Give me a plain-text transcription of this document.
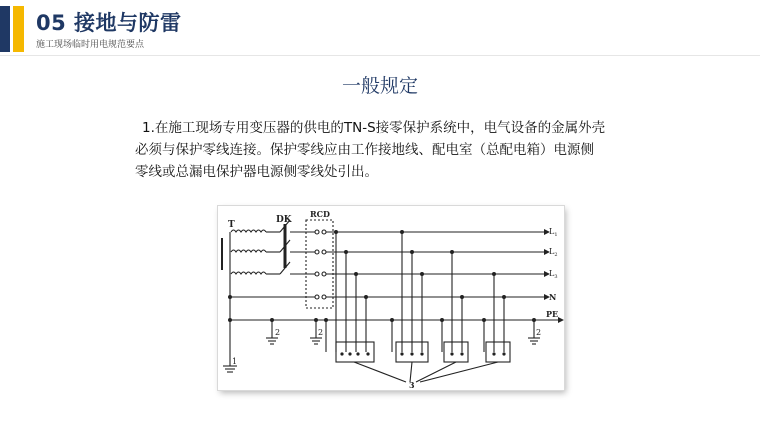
05 接地与防雷
施工现场临时用电规范要点
一般规定
1.在施工现场专用变压器的供电的TN-S接零保护系统中，电气设备的金属外壳
必须与保护零线连接。保护零线应由工作接地线、配电室（总配电箱）电源侧
零线或总漏电保护器电源侧零线处引出。
T	DK
RCD
$L_1$
$L_2$
$L_3$
N
PE
1
2	2	2
3
